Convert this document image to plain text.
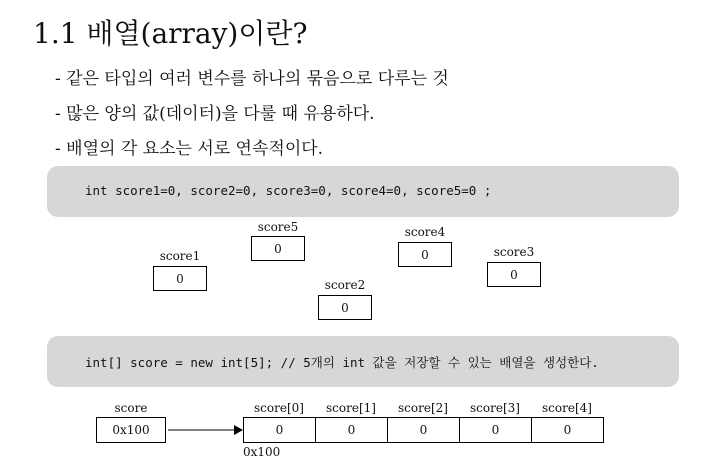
1.1 배열(array)이란?
- 같은 타입의 여러 변수를 하나의 묶음으로 다루는 것
- 많은 양의 값(데이터)을 다룰 때 유용하다.
- 배열의 각 요소는 서로 연속적이다.
int score1=0, score2=0, score3=0, score4=0, score5=0 ;
score1
0
score5
0
score2
0
score4
0	score3
0
int[] score = new int[5]; // 5개의 int 값을 저장할 수 있는 배열을 생성한다.
score
0x100
score[0]	score[1]	score[2]	score[3]	score[4]
0	0	0	0	0
0x100
